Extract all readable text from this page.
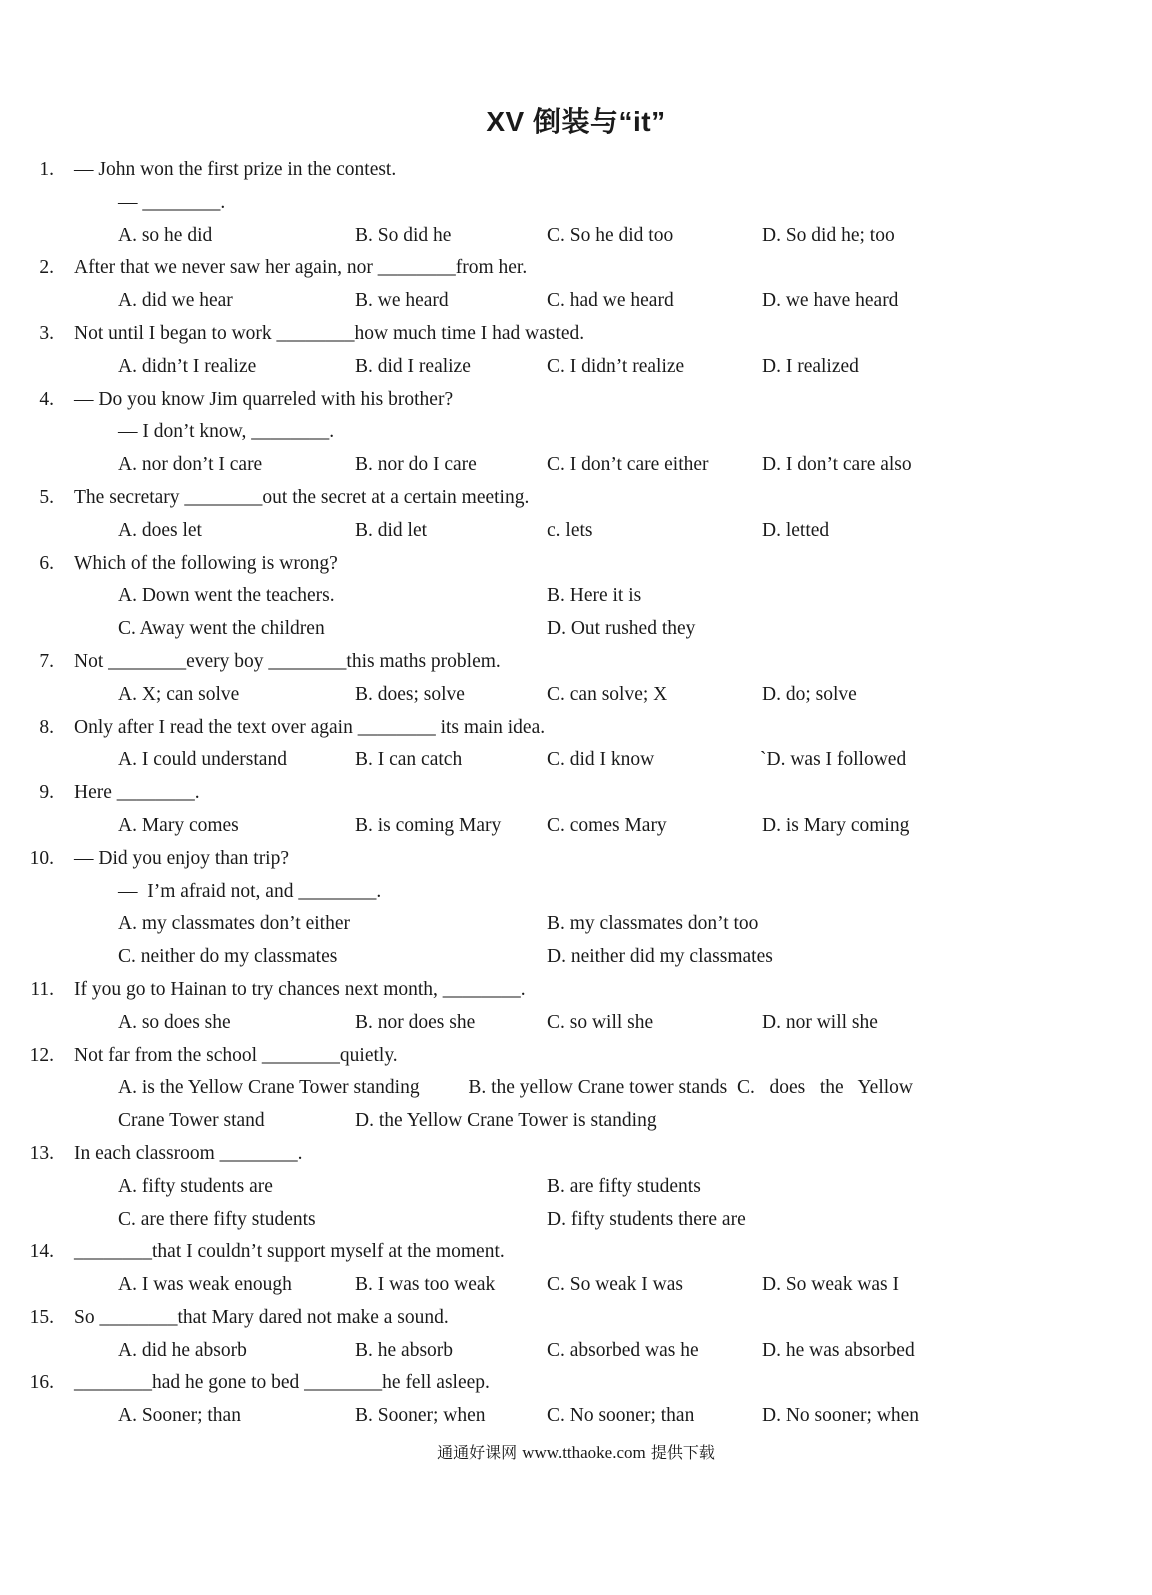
XV 倒装与“it”
1.	— John won the first prize in the contest.
— ________.
A. so he did	B. So did he	C. So he did too	D. So did he; too
2.	After that we never saw her again, nor ________from her.
A. did we hear	B. we heard	C. had we heard	D. we have heard
3.	Not until I began to work ________how much time I had wasted.
A. didn’t I realize	B. did I realize	C. I didn’t realize	D. I realized
4.	— Do you know Jim quarreled with his brother?
— I don’t know, ________.
A. nor don’t I care	B. nor do I care	C. I don’t care either	D. I don’t care also
5.	The secretary ________out the secret at a certain meeting.
A. does let	B. did let	c. lets	D. letted
6.	Which of the following is wrong?
A. Down went the teachers.	B. Here it is
C. Away went the children	D. Out rushed they
7.	Not ________every boy ________this maths problem.
A. X; can solve	B. does; solve	C. can solve; X	D. do; solve
8.	Only after I read the text over again ________ its main idea.
A. I could understand	B. I can catch	C. did I know	`D. was I followed
9.	Here ________.
A. Mary comes	B. is coming Mary C. comes Mary	D. is Mary coming
10.	— Did you enjoy than trip?
—  I’m afraid not, and ________.
A. my classmates don’t either	B. my classmates don’t too
C. neither do my classmates	D. neither did my classmates
11.	If you go to Hainan to try chances next month, ________.
A. so does she	B. nor does she	C. so will she	D. nor will she
12.	Not far from the school ________quietly.
A. is the Yellow Crane Tower standing          B. the yellow Crane tower stands  C.   does   the   Yellow
Crane Tower stand	D. the Yellow Crane Tower is standing
13.	In each classroom ________.
A. fifty students are	B. are fifty students
C. are there fifty students	D. fifty students there are
14.	________that I couldn’t support myself at the moment.
A. I was weak enough	B. I was too weak	C. So weak I was	D. So weak was I
15.	So ________that Mary dared not make a sound.
A. did he absorb	B. he absorb	C. absorbed was he	D. he was absorbed
16.	________had he gone to bed ________he fell asleep.
A. Sooner; than	B. Sooner; when	C. No sooner; than	D. No sooner; when
通通好课网 www.tthaoke.com 提供下载
